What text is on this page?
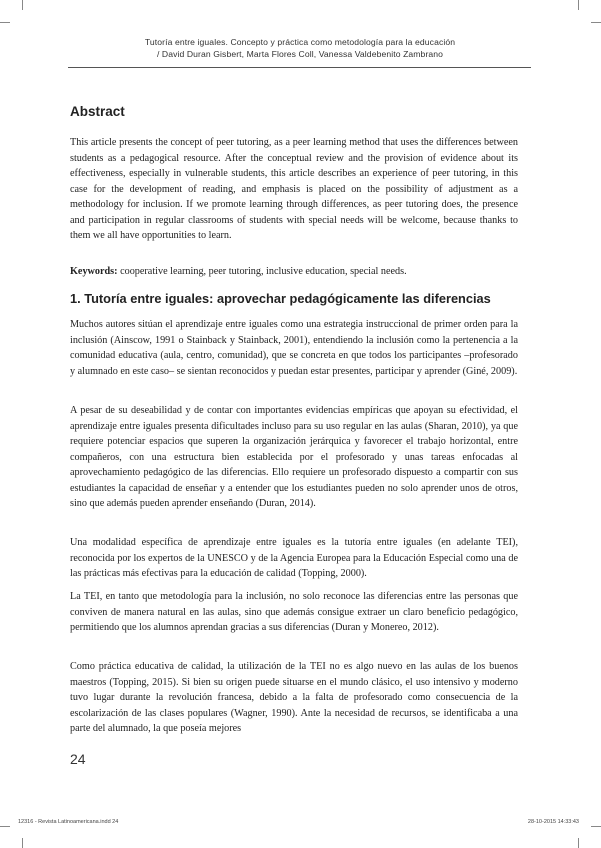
Tutoría entre iguales. Concepto y práctica como metodología para la educación
/ David Duran Gisbert, Marta Flores Coll, Vanessa Valdebenito Zambrano
Abstract

This article presents the concept of peer tutoring, as a peer learning method that uses the differences between students as a pedagogical resource. After the conceptual review and the provision of evidence about its effectiveness, especially in vulnerable students, this article describes an experience of peer tutoring, in this case for the development of reading, and emphasis is placed on the possibility of adjustment as a methodology for inclusion. If we promote learning through differences, as peer tutoring does, the presence and participation in regular classrooms of students with special needs will be welcome, because thanks to them we all have opportunities to learn.

Keywords: cooperative learning, peer tutoring, inclusive education, special needs.

1. Tutoría entre iguales: aprovechar pedagógicamente las diferencias

Muchos autores sitúan el aprendizaje entre iguales como una estrategia instruccional de primer orden para la inclusión (Ainscow, 1991 o Stainback y Stainback, 2001), entendiendo la inclusión como la pertenencia a la comunidad educativa (aula, centro, comunidad), que se concreta en que todos los participantes –profesorado y alumnado en este caso– se sientan reconocidos y puedan estar presentes, participar y aprender (Giné, 2009).

A pesar de su deseabilidad y de contar con importantes evidencias empíricas que apoyan su efectividad, el aprendizaje entre iguales presenta dificultades incluso para su uso regular en las aulas (Sharan, 2010), ya que requiere potenciar espacios que superen la organización jerárquica y favorecer el trabajo horizontal, entre compañeros, con una estructura bien establecida por el profesorado y unas tareas enfocadas al aprovechamiento pedagógico de las diferencias. Ello requiere un profesorado dispuesto a compartir con sus estudiantes la capacidad de enseñar y a entender que los estudiantes pueden no solo aprender unos de otros, sino que además pueden aprender enseñando (Duran, 2014).

Una modalidad específica de aprendizaje entre iguales es la tutoría entre iguales (en adelante TEI), reconocida por los expertos de la UNESCO y de la Agencia Europea para la Educación Especial como una de las prácticas más efectivas para la educación de calidad (Topping, 2000).

La TEI, en tanto que metodología para la inclusión, no solo reconoce las diferencias entre las personas que conviven de manera natural en las aulas, sino que además consigue extraer un claro beneficio pedagógico, permitiendo que los alumnos aprendan gracias a sus diferencias (Duran y Monereo, 2012).

Como práctica educativa de calidad, la utilización de la TEI no es algo nuevo en las aulas de los buenos maestros (Topping, 2015). Si bien su origen puede situarse en el mundo clásico, el uso intensivo y moderno tuvo lugar durante la revolución francesa, debido a la falta de profesorado como consecuencia de la escolarización de las clases populares (Wagner, 1990). Ante la necesidad de recursos, se identificaba a una parte del alumnado, la que poseía mejores

24
12316 - Revista Latinoamericana.indd 24	28-10-2015 14:33:43
